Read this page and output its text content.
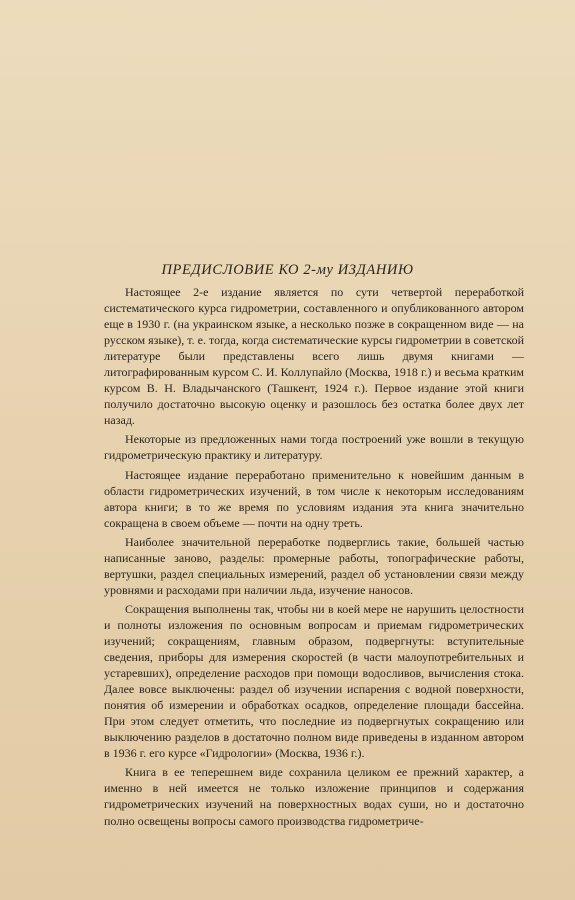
ПРЕДИСЛОВИЕ КО 2-му ИЗДАНИЮ

Настоящее 2-е издание является по сути четвертой переработкой систематического курса гидрометрии, составленного и опубликованного автором еще в 1930 г. (на украинском языке, а несколько позже в сокращенном виде — на русском языке), т. е. тогда, когда систематические курсы гидрометрии в советской литературе были представлены всего лишь двумя книгами — литографированным курсом С. И. Коллупайло (Москва, 1918 г.) и весьма кратким курсом В. Н. Владычанского (Ташкент, 1924 г.). Первое издание этой книги получило достаточно высокую оценку и разошлось без остатка более двух лет назад.

Некоторые из предложенных нами тогда построений уже вошли в текущую гидрометрическую практику и литературу.

Настоящее издание переработано применительно к новейшим данным в области гидрометрических изучений, в том числе к некоторым исследованиям автора книги; в то же время по условиям издания эта книга значительно сокращена в своем объеме — почти на одну треть.

Наиболее значительной переработке подверглись такие, большей частью написанные заново, разделы: промерные работы, топографические работы, вертушки, раздел специальных измерений, раздел об установлении связи между уровнями и расходами при наличии льда, изучение наносов.

Сокращения выполнены так, чтобы ни в коей мере не нарушить целостности и полноты изложения по основным вопросам и приемам гидрометрических изучений; сокращениям, главным образом, подвергнуты: вступительные сведения, приборы для измерения скоростей (в части малоупотребительных и устаревших), определение расходов при помощи водосливов, вычисления стока. Далее вовсе выключены: раздел об изучении испарения с водной поверхности, понятия об измерении и обработках осадков, определение площади бассейна. При этом следует отметить, что последние из подвергнутых сокращению или выключению разделов в достаточно полном виде приведены в изданном автором в 1936 г. его курсе «Гидрологии» (Москва, 1936 г.).

Книга в ее теперешнем виде сохранила целиком ее прежний характер, а именно в ней имеется не только изложение принципов и содержания гидрометрических изучений на поверхностных водах суши, но и достаточно полно освещены вопросы самого производства гидрометриче-
